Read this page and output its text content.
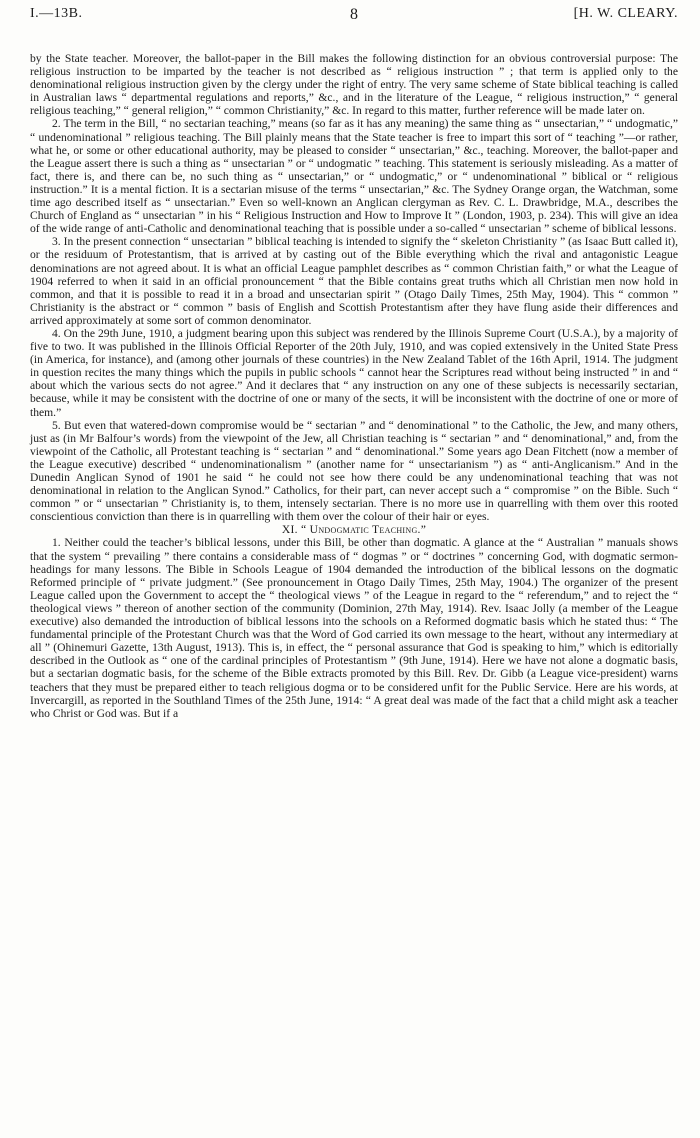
I.—13B.	8	[H. W. CLEARY.

by the State teacher. Moreover, the ballot-paper in the Bill makes the following distinction for an obvious controversial purpose: The religious instruction to be imparted by the teacher is not described as “ religious instruction ” ; that term is applied only to the denominational religious instruction given by the clergy under the right of entry. The very same scheme of State biblical teaching is called in Australian laws “ departmental regulations and reports,” &c., and in the literature of the League, “ religious instruction,” “ general religious teaching,” “ general religion,” “ common Christianity,” &c. In regard to this matter, further reference will be made later on.

2. The term in the Bill, “ no sectarian teaching,” means (so far as it has any meaning) the same thing as “ unsectarian,” “ undogmatic,” “ undenominational ” religious teaching. The Bill plainly means that the State teacher is free to impart this sort of “ teaching ”—or rather, what he, or some or other educational authority, may be pleased to consider “ unsectarian,” &c., teaching. Moreover, the ballot-paper and the League assert there is such a thing as “ unsectarian ” or “ undogmatic ” teaching. This statement is seriously misleading. As a matter of fact, there is, and there can be, no such thing as “ unsectarian,” or “ undogmatic,” or “ undenominational ” biblical or “ religious instruction.” It is a mental fiction. It is a sectarian misuse of the terms “ unsectarian,” &c. The Sydney Orange organ, the Watchman, some time ago described itself as “ unsectarian.” Even so well-known an Anglican clergyman as Rev. C. L. Drawbridge, M.A., describes the Church of England as “ unsectarian ” in his “ Religious Instruction and How to Improve It ” (London, 1903, p. 234). This will give an idea of the wide range of anti-Catholic and denominational teaching that is possible under a so-called “ unsectarian ” scheme of biblical lessons.

3. In the present connection “ unsectarian ” biblical teaching is intended to signify the “ skeleton Christianity ” (as Isaac Butt called it), or the residuum of Protestantism, that is arrived at by casting out of the Bible everything which the rival and antagonistic League denominations are not agreed about. It is what an official League pamphlet describes as “ common Christian faith,” or what the League of 1904 referred to when it said in an official pronouncement “ that the Bible contains great truths which all Christian men now hold in common, and that it is possible to read it in a broad and unsectarian spirit ” (Otago Daily Times, 25th May, 1904). This “ common ” Christianity is the abstract or “ common ” basis of English and Scottish Protestantism after they have flung aside their differences and arrived approximately at some sort of common denominator.

4. On the 29th June, 1910, a judgment bearing upon this subject was rendered by the Illinois Supreme Court (U.S.A.), by a majority of five to two. It was published in the Illinois Official Reporter of the 20th July, 1910, and was copied extensively in the United State Press (in America, for instance), and (among other journals of these countries) in the New Zealand Tablet of the 16th April, 1914. The judgment in question recites the many things which the pupils in public schools “ cannot hear the Scriptures read without being instructed ” in and “ about which the various sects do not agree.” And it declares that “ any instruction on any one of these subjects is necessarily sectarian, because, while it may be consistent with the doctrine of one or many of the sects, it will be inconsistent with the doctrine of one or more of them.”

5. But even that watered-down compromise would be “ sectarian ” and “ denominational ” to the Catholic, the Jew, and many others, just as (in Mr Balfour’s words) from the viewpoint of the Jew, all Christian teaching is “ sectarian ” and “ denominational,” and, from the viewpoint of the Catholic, all Protestant teaching is “ sectarian ” and “ denominational.” Some years ago Dean Fitchett (now a member of the League executive) described “ undenominationalism ” (another name for “ unsectarianism ”) as “ anti-Anglicanism.” And in the Dunedin Anglican Synod of 1901 he said “ he could not see how there could be any undenominational teaching that was not denominational in relation to the Anglican Synod.” Catholics, for their part, can never accept such a “ compromise ” on the Bible. Such “ common ” or “ unsectarian ” Christianity is, to them, intensely sectarian. There is no more use in quarrelling with them over this rooted conscientious conviction than there is in quarrelling with them over the colour of their hair or eyes.

XI. “ Undogmatic Teaching.”

1. Neither could the teacher’s biblical lessons, under this Bill, be other than dogmatic. A glance at the “ Australian ” manuals shows that the system “ prevailing ” there contains a considerable mass of “ dogmas ” or “ doctrines ” concerning God, with dogmatic sermon-headings for many lessons. The Bible in Schools League of 1904 demanded the introduction of the biblical lessons on the dogmatic Reformed principle of “ private judgment.” (See pronouncement in Otago Daily Times, 25th May, 1904.) The organizer of the present League called upon the Government to accept the “ theological views ” of the League in regard to the “ referendum,” and to reject the “ theological views ” thereon of another section of the community (Dominion, 27th May, 1914). Rev. Isaac Jolly (a member of the League executive) also demanded the introduction of biblical lessons into the schools on a Reformed dogmatic basis which he stated thus: “ The fundamental principle of the Protestant Church was that the Word of God carried its own message to the heart, without any intermediary at all ” (Ohinemuri Gazette, 13th August, 1913). This is, in effect, the “ personal assurance that God is speaking to him,” which is editorially described in the Outlook as “ one of the cardinal principles of Protestantism ” (9th June, 1914). Here we have not alone a dogmatic basis, but a sectarian dogmatic basis, for the scheme of the Bible extracts promoted by this Bill. Rev. Dr. Gibb (a League vice-president) warns teachers that they must be prepared either to teach religious dogma or to be considered unfit for the Public Service. Here are his words, at Invercargill, as reported in the Southland Times of the 25th June, 1914: “ A great deal was made of the fact that a child might ask a teacher who Christ or God was. But if a
